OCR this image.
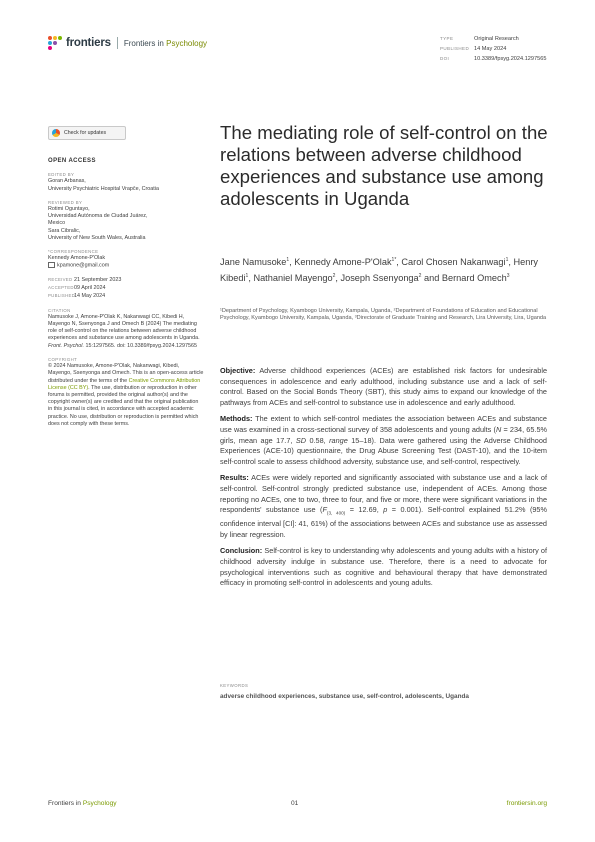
frontiers Frontiers in Psychology	TYPE	Original Research
PUBLISHED 14 May 2024
DOI	10.3389/fpsyg.2024.1297565
Check for updates
OPEN ACCESS
EDITED BY
Goran Arbanas,
University Psychiatric Hospital Vrapče, Croatia
REVIEWED BY
Rotimi Oguntayo,
Universidad Autónoma de Ciudad Juárez,
Mexico
Sara Cibralic,
University of New South Wales, Australia
*CORRESPONDENCE
Kennedy Amone-P'Olak
kpamone@gmail.com
RECEIVED 21 September 2023
ACCEPTED09 April 2024
PUBLISHED14 May 2024
CITATION
Namusoke J, Amone-P'Olak K, Nakanwagi CC, Kibedi H, Mayengo N, Ssenyonga J and Omech B (2024) The mediating role of self-control on the relations between adverse childhood experiences and substance use among adolescents in Uganda. Front. Psychol. 15:1297565. doi: 10.3389/fpsyg.2024.1297565
COPYRIGHT
© 2024 Namusoke, Amone-P'Olak, Nakanwagi, Kibedi, Mayengo, Ssenyonga and Omech. This is an open-access article distributed under the terms of the Creative Commons Attribution License (CC BY). The use, distribution or reproduction in other forums is permitted, provided the original author(s) and the copyright owner(s) are credited and that the original publication in this journal is cited, in accordance with accepted academic practice. No use, distribution or reproduction is permitted which does not comply with these terms.
The mediating role of self-control on the relations between adverse childhood experiences and substance use among adolescents in Uganda
Jane Namusoke$^1$, Kennedy Amone-P'Olak$^{1*}$, Carol Chosen Nakanwagi$^1$, Henry Kibedi$^1$, Nathaniel Mayengo$^2$, Joseph Ssenyonga$^2$ and Bernard Omech$^3$
¹Department of Psychology, Kyambogo University, Kampala, Uganda, ²Department of Foundations of Education and Educational Psychology, Kyambogo University, Kampala, Uganda, ³Directorate of Graduate Training and Research, Lira University, Lira, Uganda

Objective: Adverse childhood experiences (ACEs) are established risk factors for undesirable consequences in adolescence and early adulthood, including substance use and a lack of self-control. Based on the Social Bonds Theory (SBT), this study aims to expand our knowledge of the pathways from ACEs and self-control to substance use in adolescence and early adulthood.

Methods: The extent to which self-control mediates the association between ACEs and substance use was examined in a cross-sectional survey of 358 adolescents and young adults (N = 234, 65.5% girls, mean age 17.7, SD 0.58, range 15–18). Data were gathered using the Adverse Childhood Experiences (ACE-10) questionnaire, the Drug Abuse Screening Test (DAST-10), and the 10-item self-control scale to assess childhood adversity, substance use, and self-control, respectively.

Results: ACEs were widely reported and significantly associated with substance use and a lack of self-control. Self-control strongly predicted substance use, independent of ACEs. Among those reporting no ACEs, one to two, three to four, and five or more, there were significant variations in the respondents' substance use ($F_{(3, 400)} = 12.69$, p = 0.001). Self-control explained 51.2% (95% confidence interval [CI]: 41, 61%) of the associations between ACEs and substance use as assessed by linear regression.

Conclusion: Self-control is key to understanding why adolescents and young adults with a history of childhood adversity indulge in substance use. Therefore, there is a need to advocate for psychological interventions such as cognitive and behavioural therapy that have demonstrated efficacy in promoting self-control in adolescents and young adults.

KEYWORDS
adverse childhood experiences, substance use, self-control, adolescents, Uganda
Frontiers in Psychology	01	frontiersin.org
